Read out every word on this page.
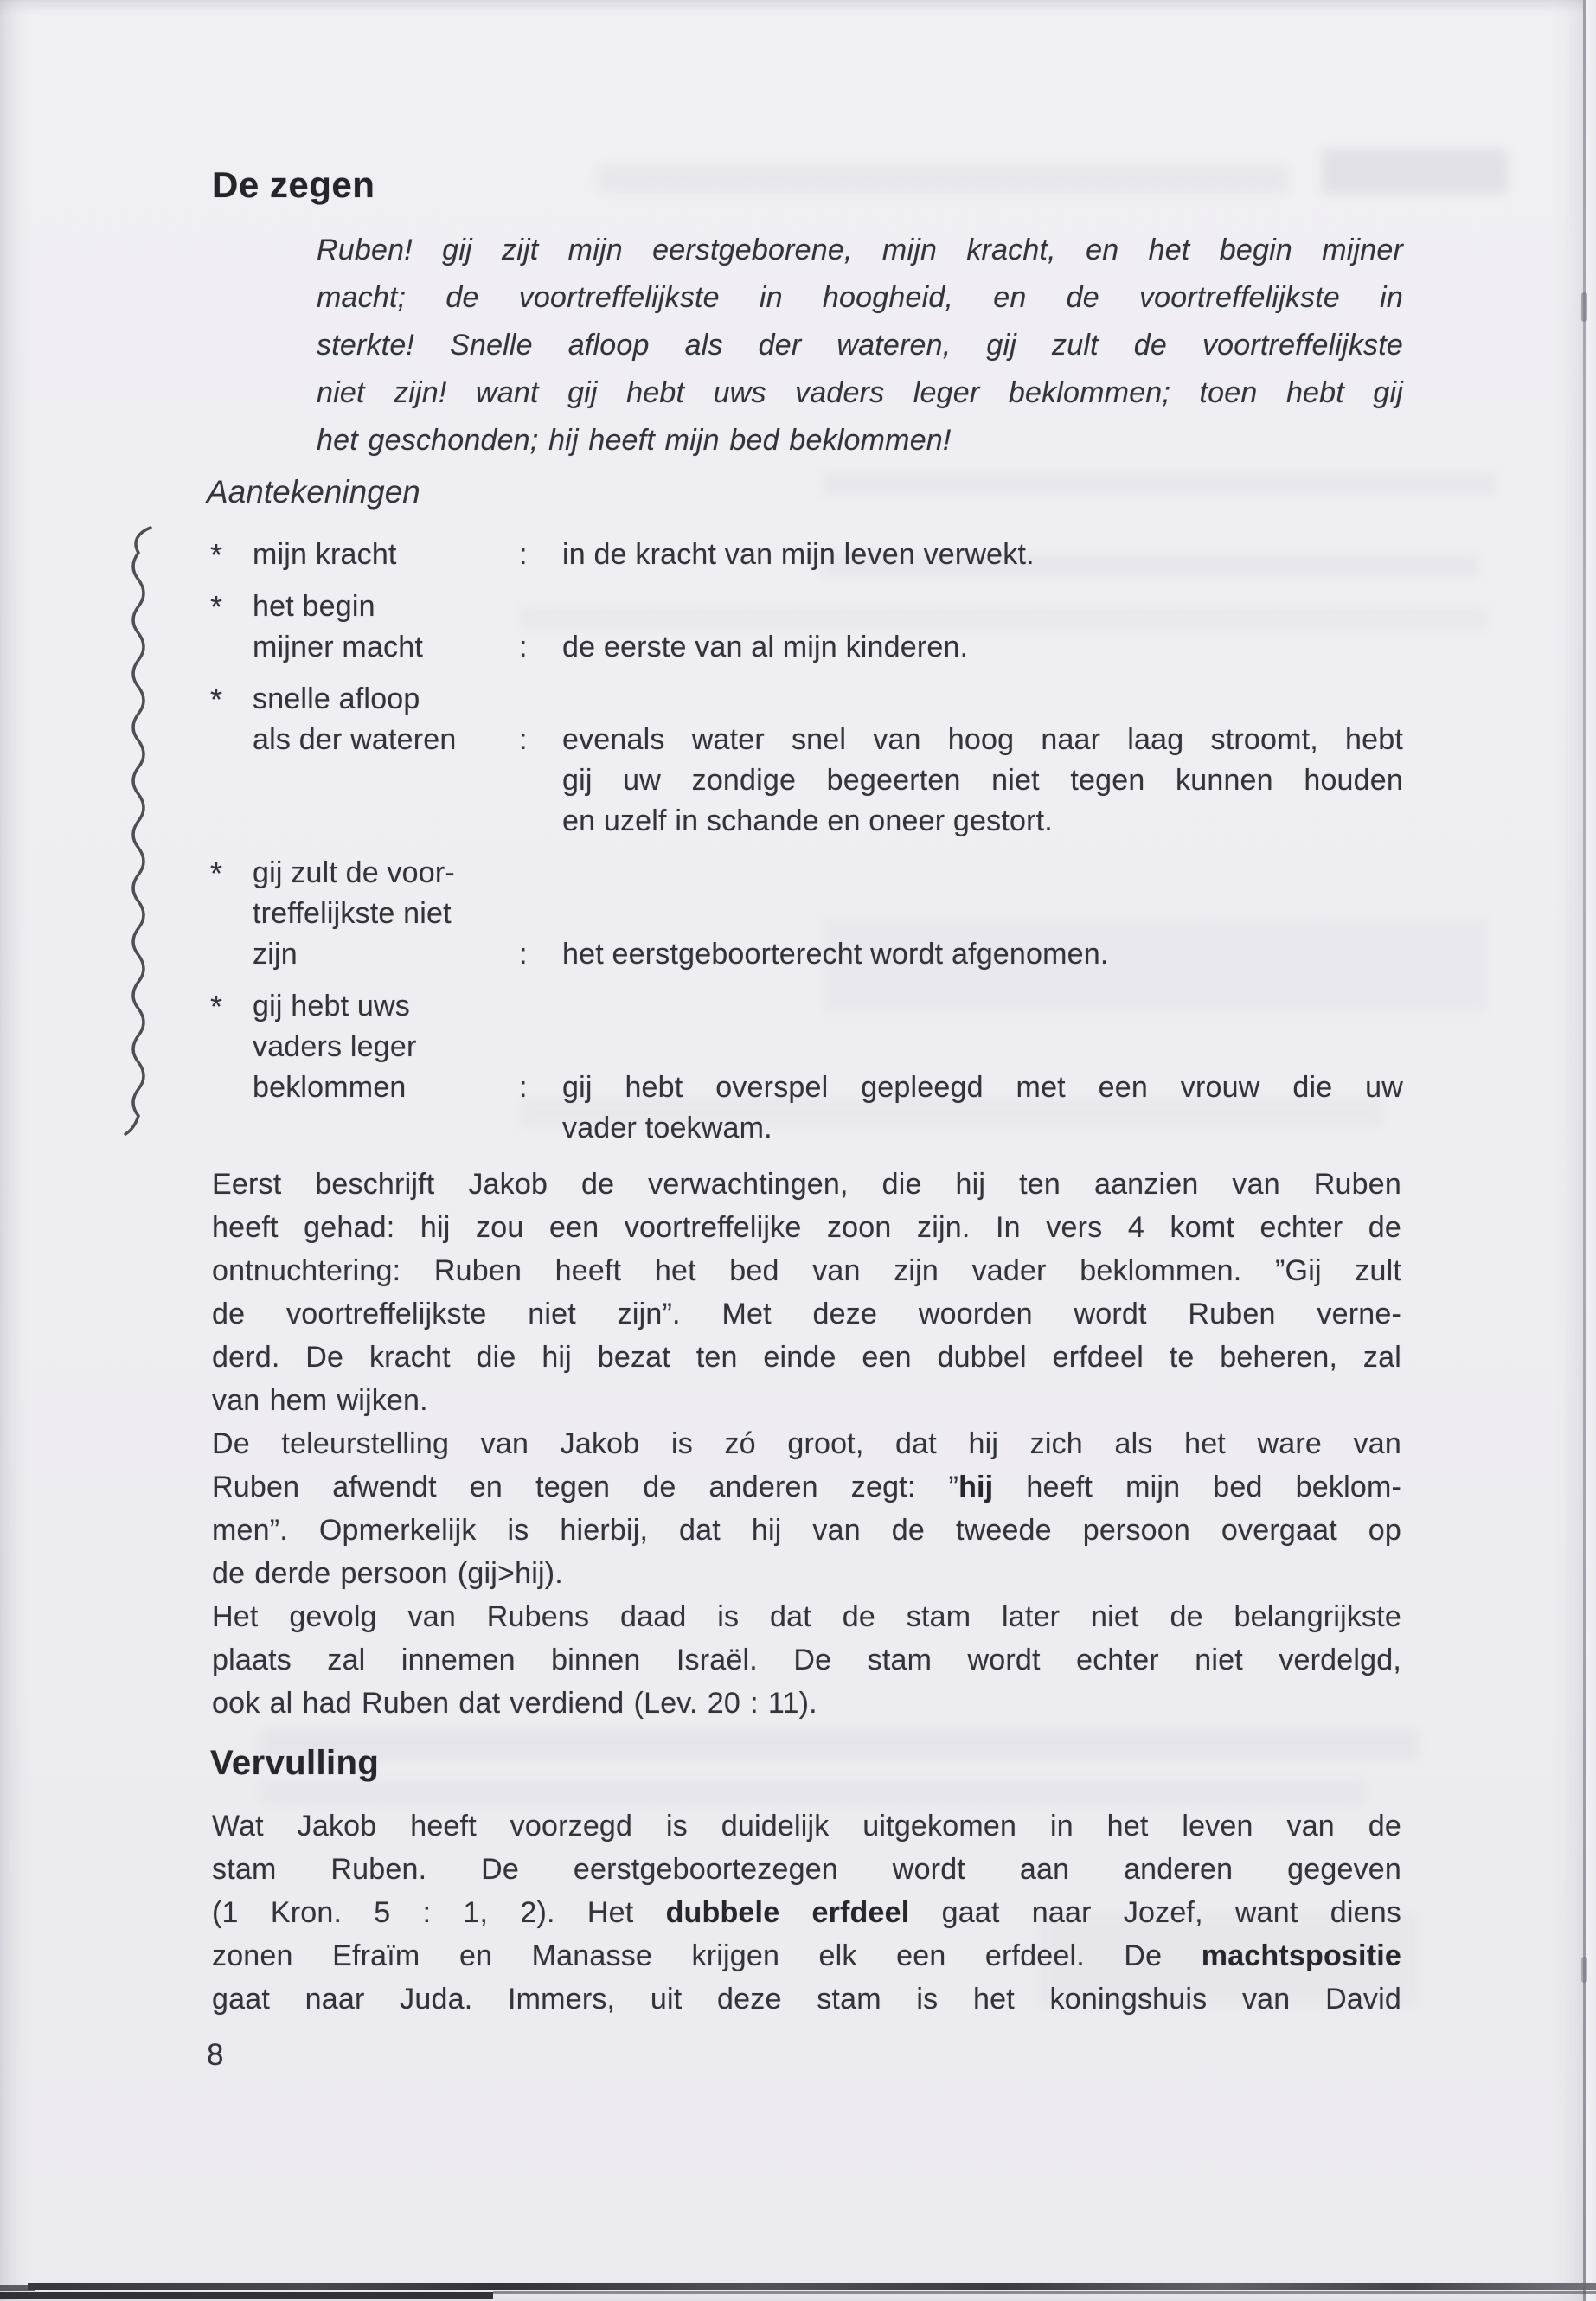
De zegen
Ruben! gij zijt mijn eerstgeborene, mijn kracht, en het begin mijner
macht; de voortreffelijkste in hoogheid, en de voortreffelijkste in
sterkte! Snelle afloop als der wateren, gij zult de voortreffelijkste
niet zijn! want gij hebt uws vaders leger beklommen; toen hebt gij
het geschonden; hij heeft mijn bed beklommen!
Aantekeningen
*	mijn kracht	:	in de kracht van mijn leven verwekt.
*	het begin
mijner macht	:	de eerste van al mijn kinderen.
*	snelle afloop
als der wateren	:	evenals water snel van hoog naar laag stroomt, hebt
gij uw zondige begeerten niet tegen kunnen houden
en uzelf in schande en oneer gestort.
*	gij zult de voor-
treffelijkste niet
zijn	:	het eerstgeboorterecht wordt afgenomen.
*	gij hebt uws
vaders leger
beklommen	:	gij hebt overspel gepleegd met een vrouw die uw
vader toekwam.
Eerst beschrijft Jakob de verwachtingen, die hij ten aanzien van Ruben
heeft gehad: hij zou een voortreffelijke zoon zijn. In vers 4 komt echter de
ontnuchtering: Ruben heeft het bed van zijn vader beklommen. ”Gij zult
de voortreffelijkste niet zijn”. Met deze woorden wordt Ruben verne-
derd. De kracht die hij bezat ten einde een dubbel erfdeel te beheren, zal
van hem wijken.
De teleurstelling van Jakob is zó groot, dat hij zich als het ware van
Ruben afwendt en tegen de anderen zegt: ”hij heeft mijn bed beklom-
men”. Opmerkelijk is hierbij, dat hij van de tweede persoon overgaat op
de derde persoon (gij>hij).
Het gevolg van Rubens daad is dat de stam later niet de belangrijkste
plaats zal innemen binnen Israël. De stam wordt echter niet verdelgd,
ook al had Ruben dat verdiend (Lev. 20 : 11).
Vervulling
Wat Jakob heeft voorzegd is duidelijk uitgekomen in het leven van de
stam Ruben. De eerstgeboortezegen wordt aan anderen gegeven
(1 Kron. 5 : 1, 2). Het dubbele erfdeel gaat naar Jozef, want diens
zonen Efraïm en Manasse krijgen elk een erfdeel. De machtspositie
gaat naar Juda. Immers, uit deze stam is het koningshuis van David
8
